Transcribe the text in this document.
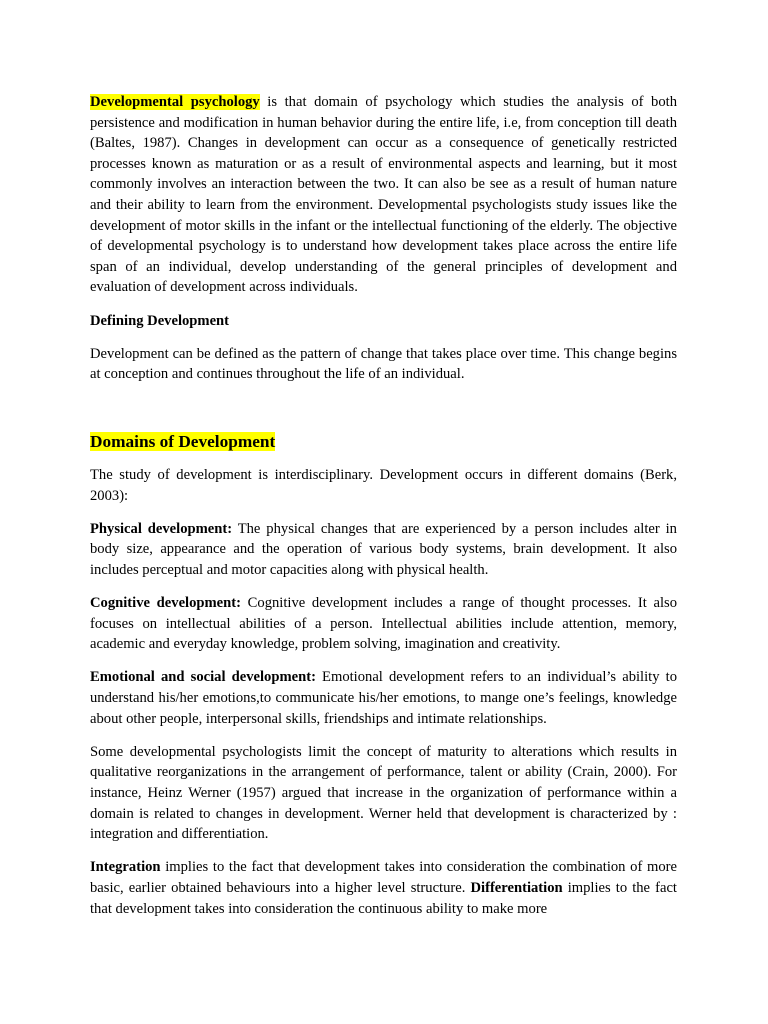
Developmental psychology is that domain of psychology which studies the analysis of both persistence and modification in human behavior during the entire life, i.e, from conception till death (Baltes, 1987). Changes in development can occur as a consequence of genetically restricted processes known as maturation or as a result of environmental aspects and learning, but it most commonly involves an interaction between the two. It can also be see as a result of human nature and their ability to learn from the environment. Developmental psychologists study issues like the development of motor skills in the infant or the intellectual functioning of the elderly. The objective of developmental psychology is to understand how development takes place across the entire life span of an individual, develop understanding of the general principles of development and evaluation of development across individuals.

Defining Development

Development can be defined as the pattern of change that takes place over time. This change begins at conception and continues throughout the life of an individual.

Domains of Development

The study of development is interdisciplinary. Development occurs in different domains (Berk, 2003):

Physical development: The physical changes that are experienced by a person includes alter in body size, appearance and the operation of various body systems, brain development. It also includes perceptual and motor capacities along with physical health.

Cognitive development: Cognitive development includes a range of thought processes. It also focuses on intellectual abilities of a person. Intellectual abilities include attention, memory, academic and everyday knowledge, problem solving, imagination and creativity.

Emotional and social development: Emotional development refers to an individual’s ability to understand his/her emotions,to communicate his/her emotions, to mange one’s feelings, knowledge about other people, interpersonal skills, friendships and intimate relationships.

Some developmental psychologists limit the concept of maturity to alterations which results in qualitative reorganizations in the arrangement of performance, talent or ability (Crain, 2000). For instance, Heinz Werner (1957) argued that increase in the organization of performance within a domain is related to changes in development. Werner held that development is characterized by : integration and differentiation.

Integration implies to the fact that development takes into consideration the combination of more basic, earlier obtained behaviours into a higher level structure. Differentiation implies to the fact that development takes into consideration the continuous ability to make more
